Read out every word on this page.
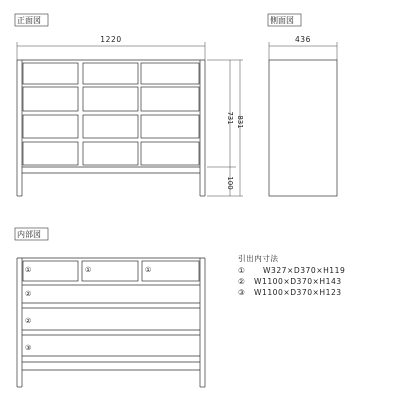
正面図
1220
731 831
100
側面図
436
内部図
①	①	①
②
②
③
引出内寸法
① W327×D370×H119
② W1100×D370×H143
③ W1100×D370×H123
